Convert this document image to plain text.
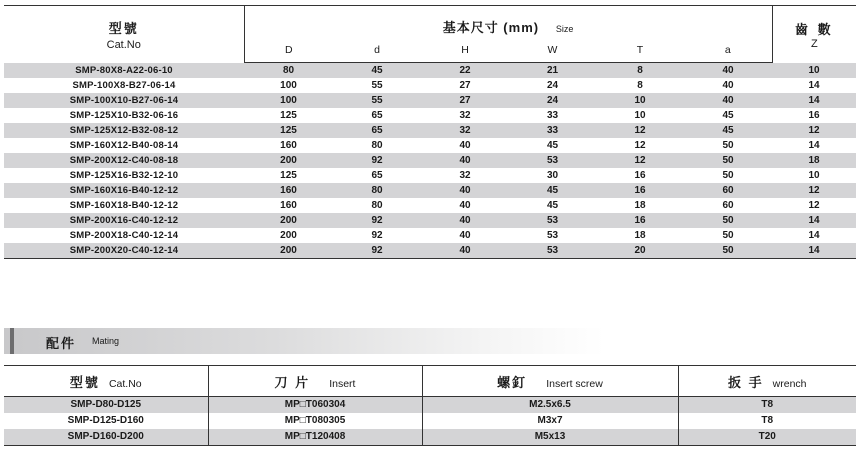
型號
Cat.No	基本尺寸 (mm) Size						齒 數
Z

	D	d	H	W	T	a	
SMP-80X8-A22-06-10	80	45	22	21	8	40	10
SMP-100X8-B27-06-14	100	55	27	24	8	40	14
SMP-100X10-B27-06-14	100	55	27	24	10	40	14
SMP-125X10-B32-06-16	125	65	32	33	10	45	16
SMP-125X12-B32-08-12	125	65	32	33	12	45	12
SMP-160X12-B40-08-14	160	80	40	45	12	50	14
SMP-200X12-C40-08-18	200	92	40	53	12	50	18
SMP-125X16-B32-12-10	125	65	32	30	16	50	10
SMP-160X16-B40-12-12	160	80	40	45	16	60	12
SMP-160X18-B40-12-12	160	80	40	45	18	60	12
SMP-200X16-C40-12-12	200	92	40	53	16	50	14
SMP-200X18-C40-12-14	200	92	40	53	18	50	14
SMP-200X20-C40-12-14	200	92	40	53	20	50	14
配件 Mating
型號 Cat.No	刀 片 Insert	螺釘 Insert screw	扳 手 wrench
SMP-D80-D125	MP□T060304	M2.5x6.5	T8
SMP-D125-D160	MP□T080305	M3x7	T8
SMP-D160-D200	MP□T120408	M5x13	T20
